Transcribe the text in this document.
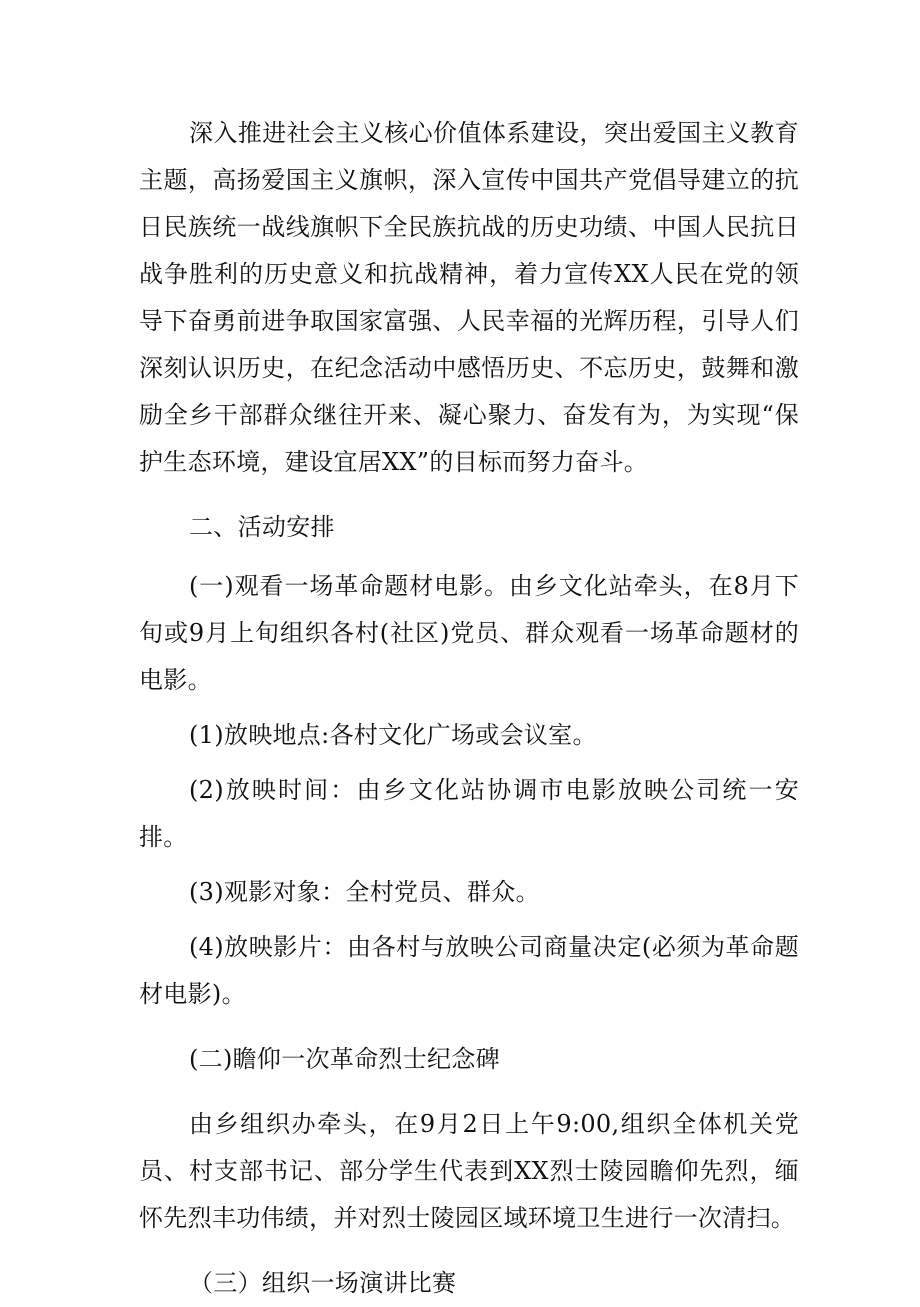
深入推进社会主义核心价值体系建设，突出爱国主义教育主题，高扬爱国主义旗帜，深入宣传中国共产党倡导建立的抗日民族统一战线旗帜下全民族抗战的历史功绩、中国人民抗日战争胜利的历史意义和抗战精神，着力宣传XX人民在党的领导下奋勇前进争取国家富强、人民幸福的光辉历程，引导人们深刻认识历史，在纪念活动中感悟历史、不忘历史，鼓舞和激励全乡干部群众继往开来、凝心聚力、奋发有为，为实现“保护生态环境，建设宜居XX”的目标而努力奋斗。

二、活动安排

(一)观看一场革命题材电影。由乡文化站牵头，在8月下旬或9月上旬组织各村(社区)党员、群众观看一场革命题材的电影。

(1)放映地点:各村文化广场或会议室。

(2)放映时间：由乡文化站协调市电影放映公司统一安排。

(3)观影对象：全村党员、群众。

(4)放映影片：由各村与放映公司商量决定(必须为革命题材电影)。

(二)瞻仰一次革命烈士纪念碑

由乡组织办牵头，在9月2日上午9:00,组织全体机关党员、村支部书记、部分学生代表到XX烈士陵园瞻仰先烈，缅怀先烈丰功伟绩，并对烈士陵园区域环境卫生进行一次清扫。

（三）组织一场演讲比赛
